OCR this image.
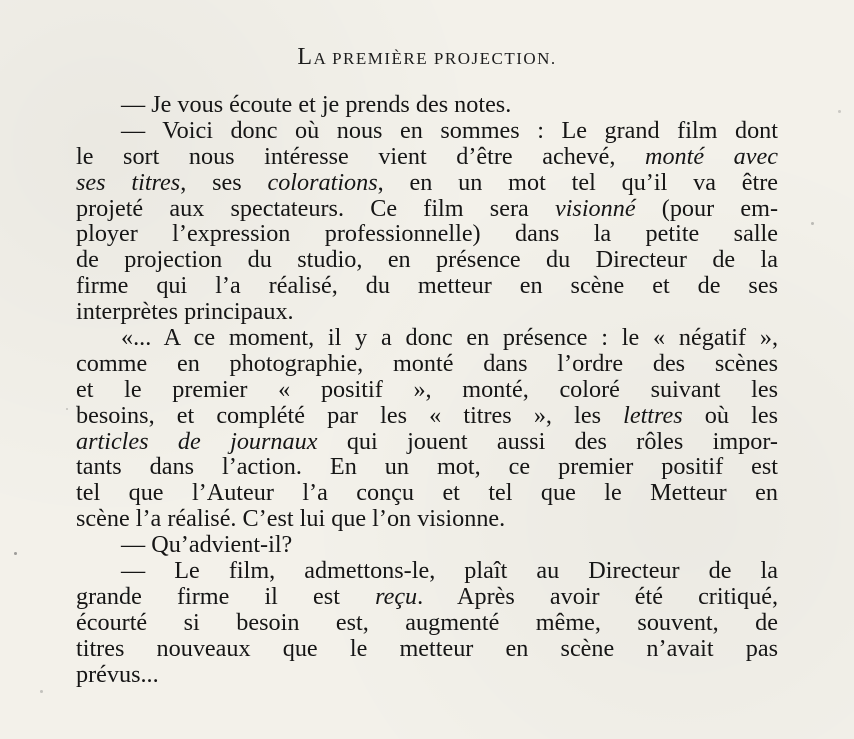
LA PREMIÈRE PROJECTION.
— Je vous écoute et je prends des notes.
— Voici donc où nous en sommes : Le grand film dont
le sort nous intéresse vient d’être achevé, monté avec
ses titres, ses colorations, en un mot tel qu’il va être
projeté aux spectateurs. Ce film sera visionné (pour em-
ployer l’expression professionnelle) dans la petite salle
de projection du studio, en présence du Directeur de la
firme qui l’a réalisé, du metteur en scène et de ses
interprètes principaux.
«... A ce moment, il y a donc en présence : le « négatif »,
comme en photographie, monté dans l’ordre des scènes
et le premier « positif », monté, coloré suivant les
besoins, et complété par les « titres », les lettres où les
articles de journaux qui jouent aussi des rôles impor-
tants dans l’action. En un mot, ce premier positif est
tel que l’Auteur l’a conçu et tel que le Metteur en
scène l’a réalisé. C’est lui que l’on visionne.
— Qu’advient-il?
— Le film, admettons-le, plaît au Directeur de la
grande firme il est reçu. Après avoir été critiqué,
écourté si besoin est, augmenté même, souvent, de
titres nouveaux que le metteur en scène n’avait pas
prévus...
